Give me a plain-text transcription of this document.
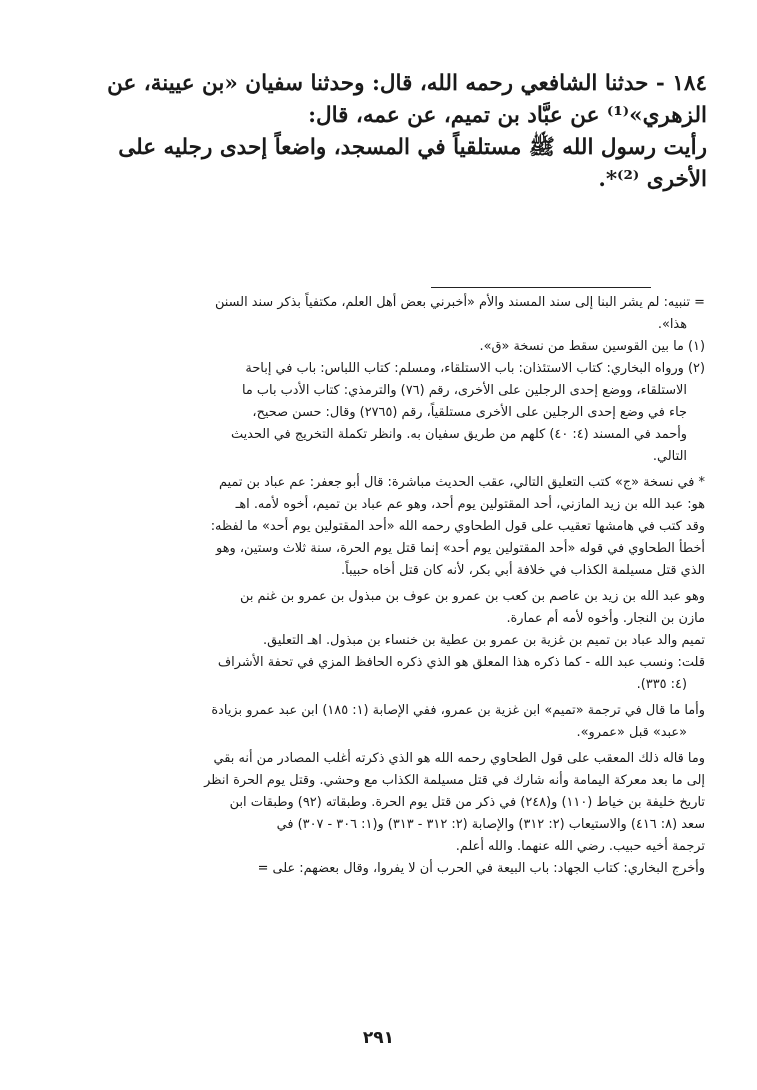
١٨٤ - حدثنا الشافعي رحمه الله، قال: وحدثنا سفيان «بن عيينة، عن
الزهري»⁽¹⁾ عن عبَّاد بن تميم، عن عمه، قال:
رأيت رسول الله ﷺ مستلقياً في المسجد، واضعاً إحدى رجليه على
الأخرى ⁽²⁾*.
= تنبيه: لم يشر البنا إلى سند المسند والأم «أخبرني بعض أهل العلم، مكتفياً بذكر سند السنن
هذا».
(١) ما بين القوسين سقط من نسخة «ق».
(٢) ورواه البخاري: كتاب الاستئذان: باب الاستلقاء، ومسلم: كتاب اللباس: باب في إباحة
الاستلقاء، ووضع إحدى الرجلين على الأخرى، رقم (٧٦) والترمذي: كتاب الأدب باب ما
جاء في وضع إحدى الرجلين على الأخرى مستلقياً، رقم (٢٧٦٥) وقال: حسن صحيح،
وأحمد في المسند (٤: ٤٠) كلهم من طريق سفيان به. وانظر تكملة التخريج في الحديث
التالي.
* في نسخة «ج» كتب التعليق التالي، عقب الحديث مباشرة: قال أبو جعفر: عم عباد بن تميم
هو: عبد الله بن زيد المازني، أحد المقتولين يوم أحد، وهو عم عباد بن تميم، أخوه لأمه. اهـ
وقد كتب في هامشها تعقيب على قول الطحاوي رحمه الله «أحد المقتولين يوم أحد» ما لفظه:
أخطأ الطحاوي في قوله «أحد المقتولين يوم أحد» إنما قتل يوم الحرة، سنة ثلاث وستين، وهو
الذي قتل مسيلمة الكذاب في خلافة أبي بكر، لأنه كان قتل أخاه حبيباً.
وهو عبد الله بن زيد بن عاصم بن كعب بن عمرو بن عوف بن مبذول بن عمرو بن غنم بن
مازن بن النجار. وأخوه لأمه أم عمارة.
تميم والد عباد بن تميم بن غزية بن عمرو بن عطية بن خنساء بن مبذول. اهـ التعليق.
قلت: ونسب عبد الله - كما ذكره هذا المعلق هو الذي ذكره الحافظ المزي في تحفة الأشراف
(٤: ٣٣٥).
وأما ما قال في ترجمة «تميم» ابن غزية بن عمرو، ففي الإصابة (١: ١٨٥) ابن عبد عمرو بزيادة
«عبد» قبل «عمرو».
وما قاله ذلك المعقب على قول الطحاوي رحمه الله هو الذي ذكرته أغلب المصادر من أنه بقي
إلى ما بعد معركة اليمامة وأنه شارك في قتل مسيلمة الكذاب مع وحشي. وقتل يوم الحرة انظر
تاريخ خليفة بن خياط (١١٠) و(٢٤٨) في ذكر من قتل يوم الحرة. وطبقاته (٩٢) وطبقات ابن
سعد (٨: ٤١٦) والاستيعاب (٢: ٣١٢) والإصابة (٢: ٣١٢ - ٣١٣) و(١: ٣٠٦ - ٣٠٧) في
ترجمة أخيه حبيب. رضي الله عنهما. والله أعلم.
وأخرج البخاري: كتاب الجهاد: باب البيعة في الحرب أن لا يفروا، وقال بعضهم: على =
٢٩١
